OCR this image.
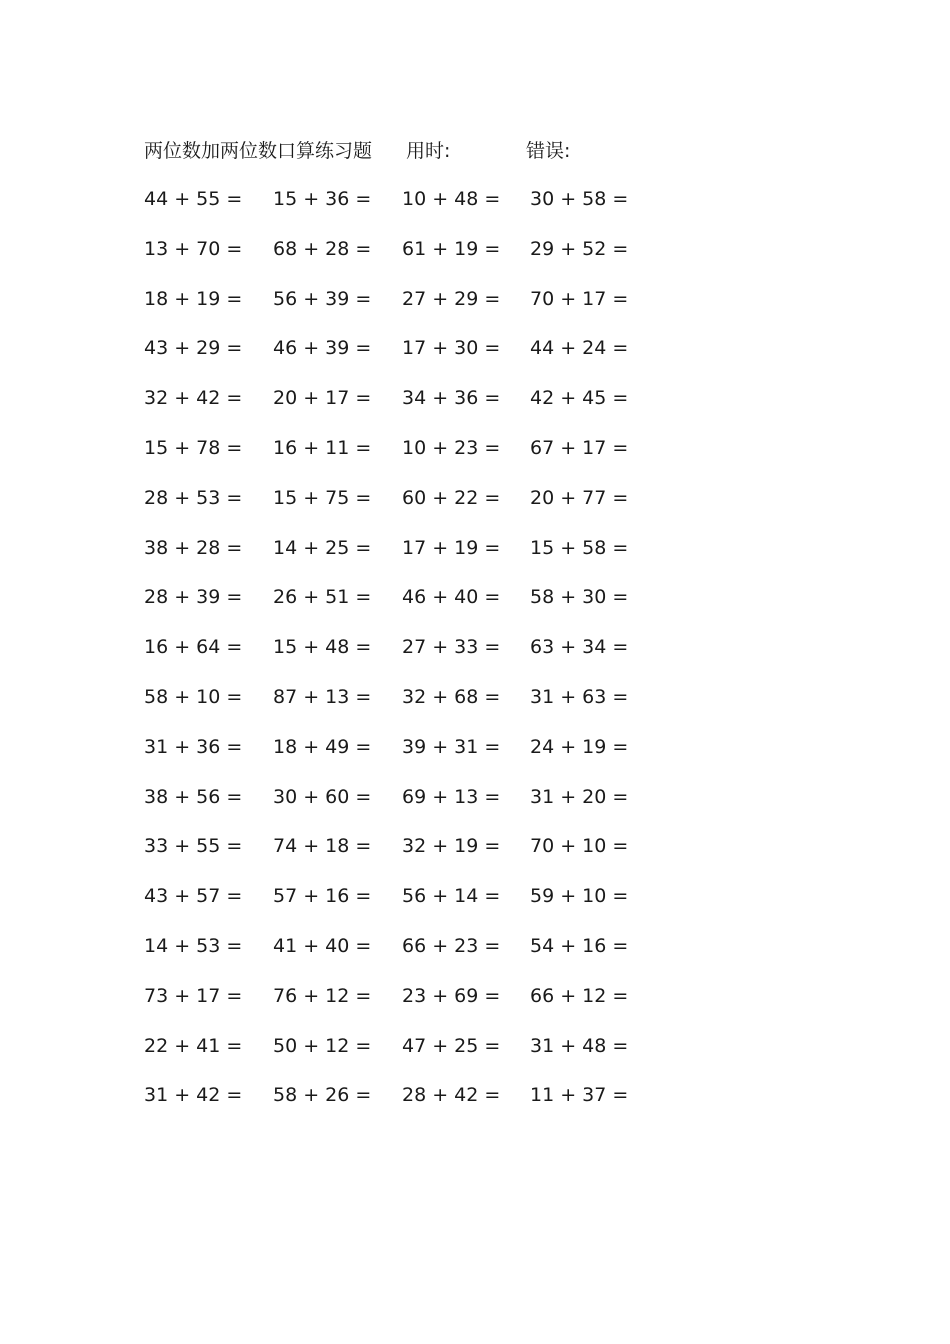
两位数加两位数口算练习题 用时:	错误:
44 + 55 = 15 + 36 = 10 + 48 = 30 + 58 =
13 + 70 = 68 + 28 = 61 + 19 = 29 + 52 =
18 + 19 = 56 + 39 = 27 + 29 = 70 + 17 =
43 + 29 = 46 + 39 = 17 + 30 = 44 + 24 =
32 + 42 = 20 + 17 = 34 + 36 = 42 + 45 =
15 + 78 = 16 + 11 = 10 + 23 = 67 + 17 =
28 + 53 = 15 + 75 = 60 + 22 = 20 + 77 =
38 + 28 = 14 + 25 = 17 + 19 = 15 + 58 =
28 + 39 = 26 + 51 = 46 + 40 = 58 + 30 =
16 + 64 = 15 + 48 = 27 + 33 = 63 + 34 =
58 + 10 = 87 + 13 = 32 + 68 = 31 + 63 =
31 + 36 = 18 + 49 = 39 + 31 = 24 + 19 =
38 + 56 = 30 + 60 = 69 + 13 = 31 + 20 =
33 + 55 = 74 + 18 = 32 + 19 = 70 + 10 =
43 + 57 = 57 + 16 = 56 + 14 = 59 + 10 =
14 + 53 = 41 + 40 = 66 + 23 = 54 + 16 =
73 + 17 = 76 + 12 = 23 + 69 = 66 + 12 =
22 + 41 = 50 + 12 = 47 + 25 = 31 + 48 =
31 + 42 = 58 + 26 = 28 + 42 = 11 + 37 =
